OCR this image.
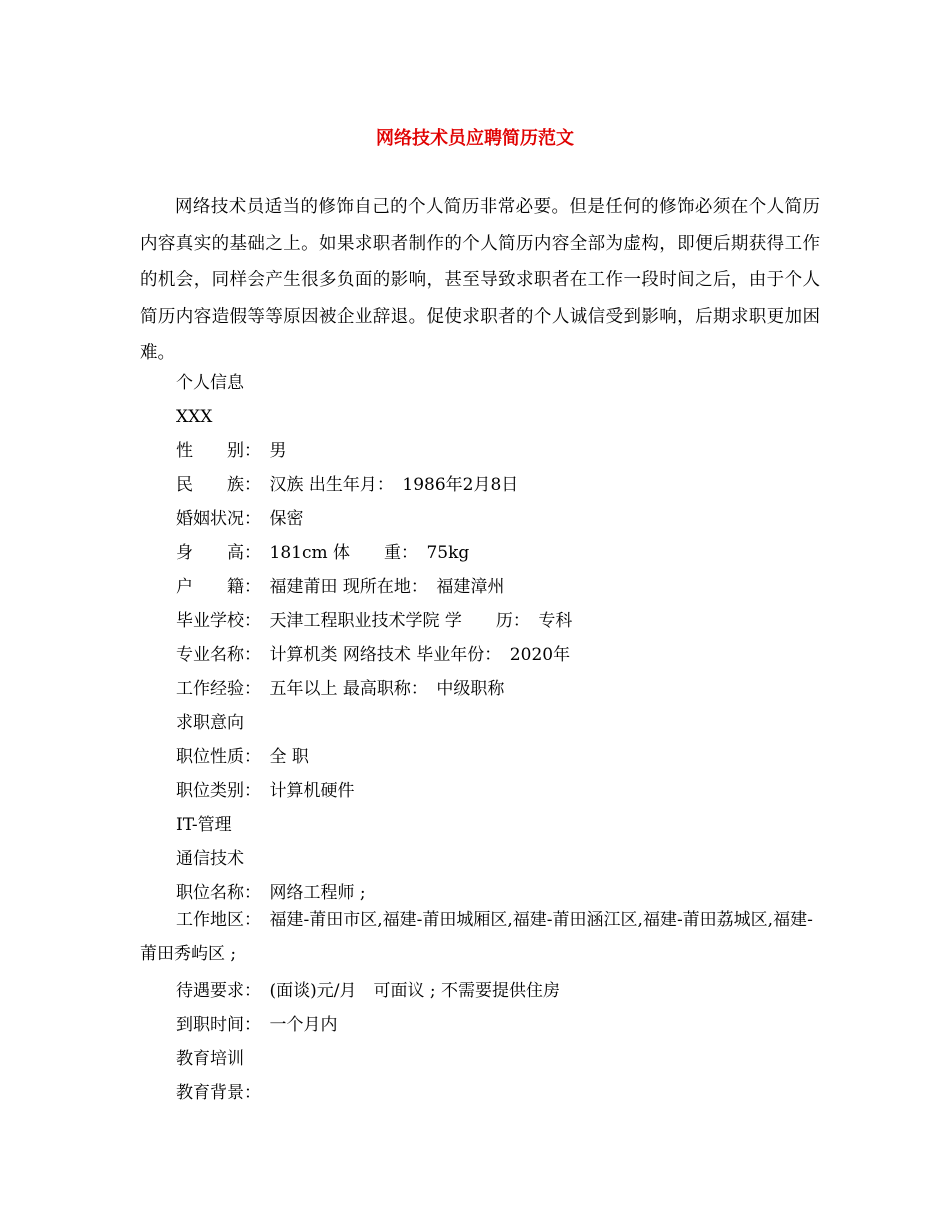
网络技术员应聘简历范文

网络技术员适当的修饰自己的个人简历非常必要。但是任何的修饰必须在个人简历内容真实的基础之上。如果求职者制作的个人简历内容全部为虚构，即便后期获得工作的机会，同样会产生很多负面的影响，甚至导致求职者在工作一段时间之后，由于个人简历内容造假等等原因被企业辞退。促使求职者的个人诚信受到影响，后期求职更加困难。

个人信息
XXX
性　　别：　男
民　　族：　汉族 出生年月：　1986年2月8日
婚姻状况：　保密
身　　高：　181cm 体　　重：　75kg
户　　籍：　福建莆田 现所在地：　福建漳州
毕业学校：　天津工程职业技术学院 学　　历：　专科
专业名称：　计算机类 网络技术 毕业年份：　2020年
工作经验：　五年以上 最高职称：　中级职称
求职意向
职位性质：　全 职
职位类别：　计算机硬件
IT-管理
通信技术
职位名称：　网络工程师 ;

工作地区：　福建-莆田市区,福建-莆田城厢区,福建-莆田涵江区,福建-莆田荔城区,福建-莆田秀屿区 ;

待遇要求：　(面谈)元/月　可面议 ; 不需要提供住房
到职时间：　一个月内
教育培训
教育背景：
